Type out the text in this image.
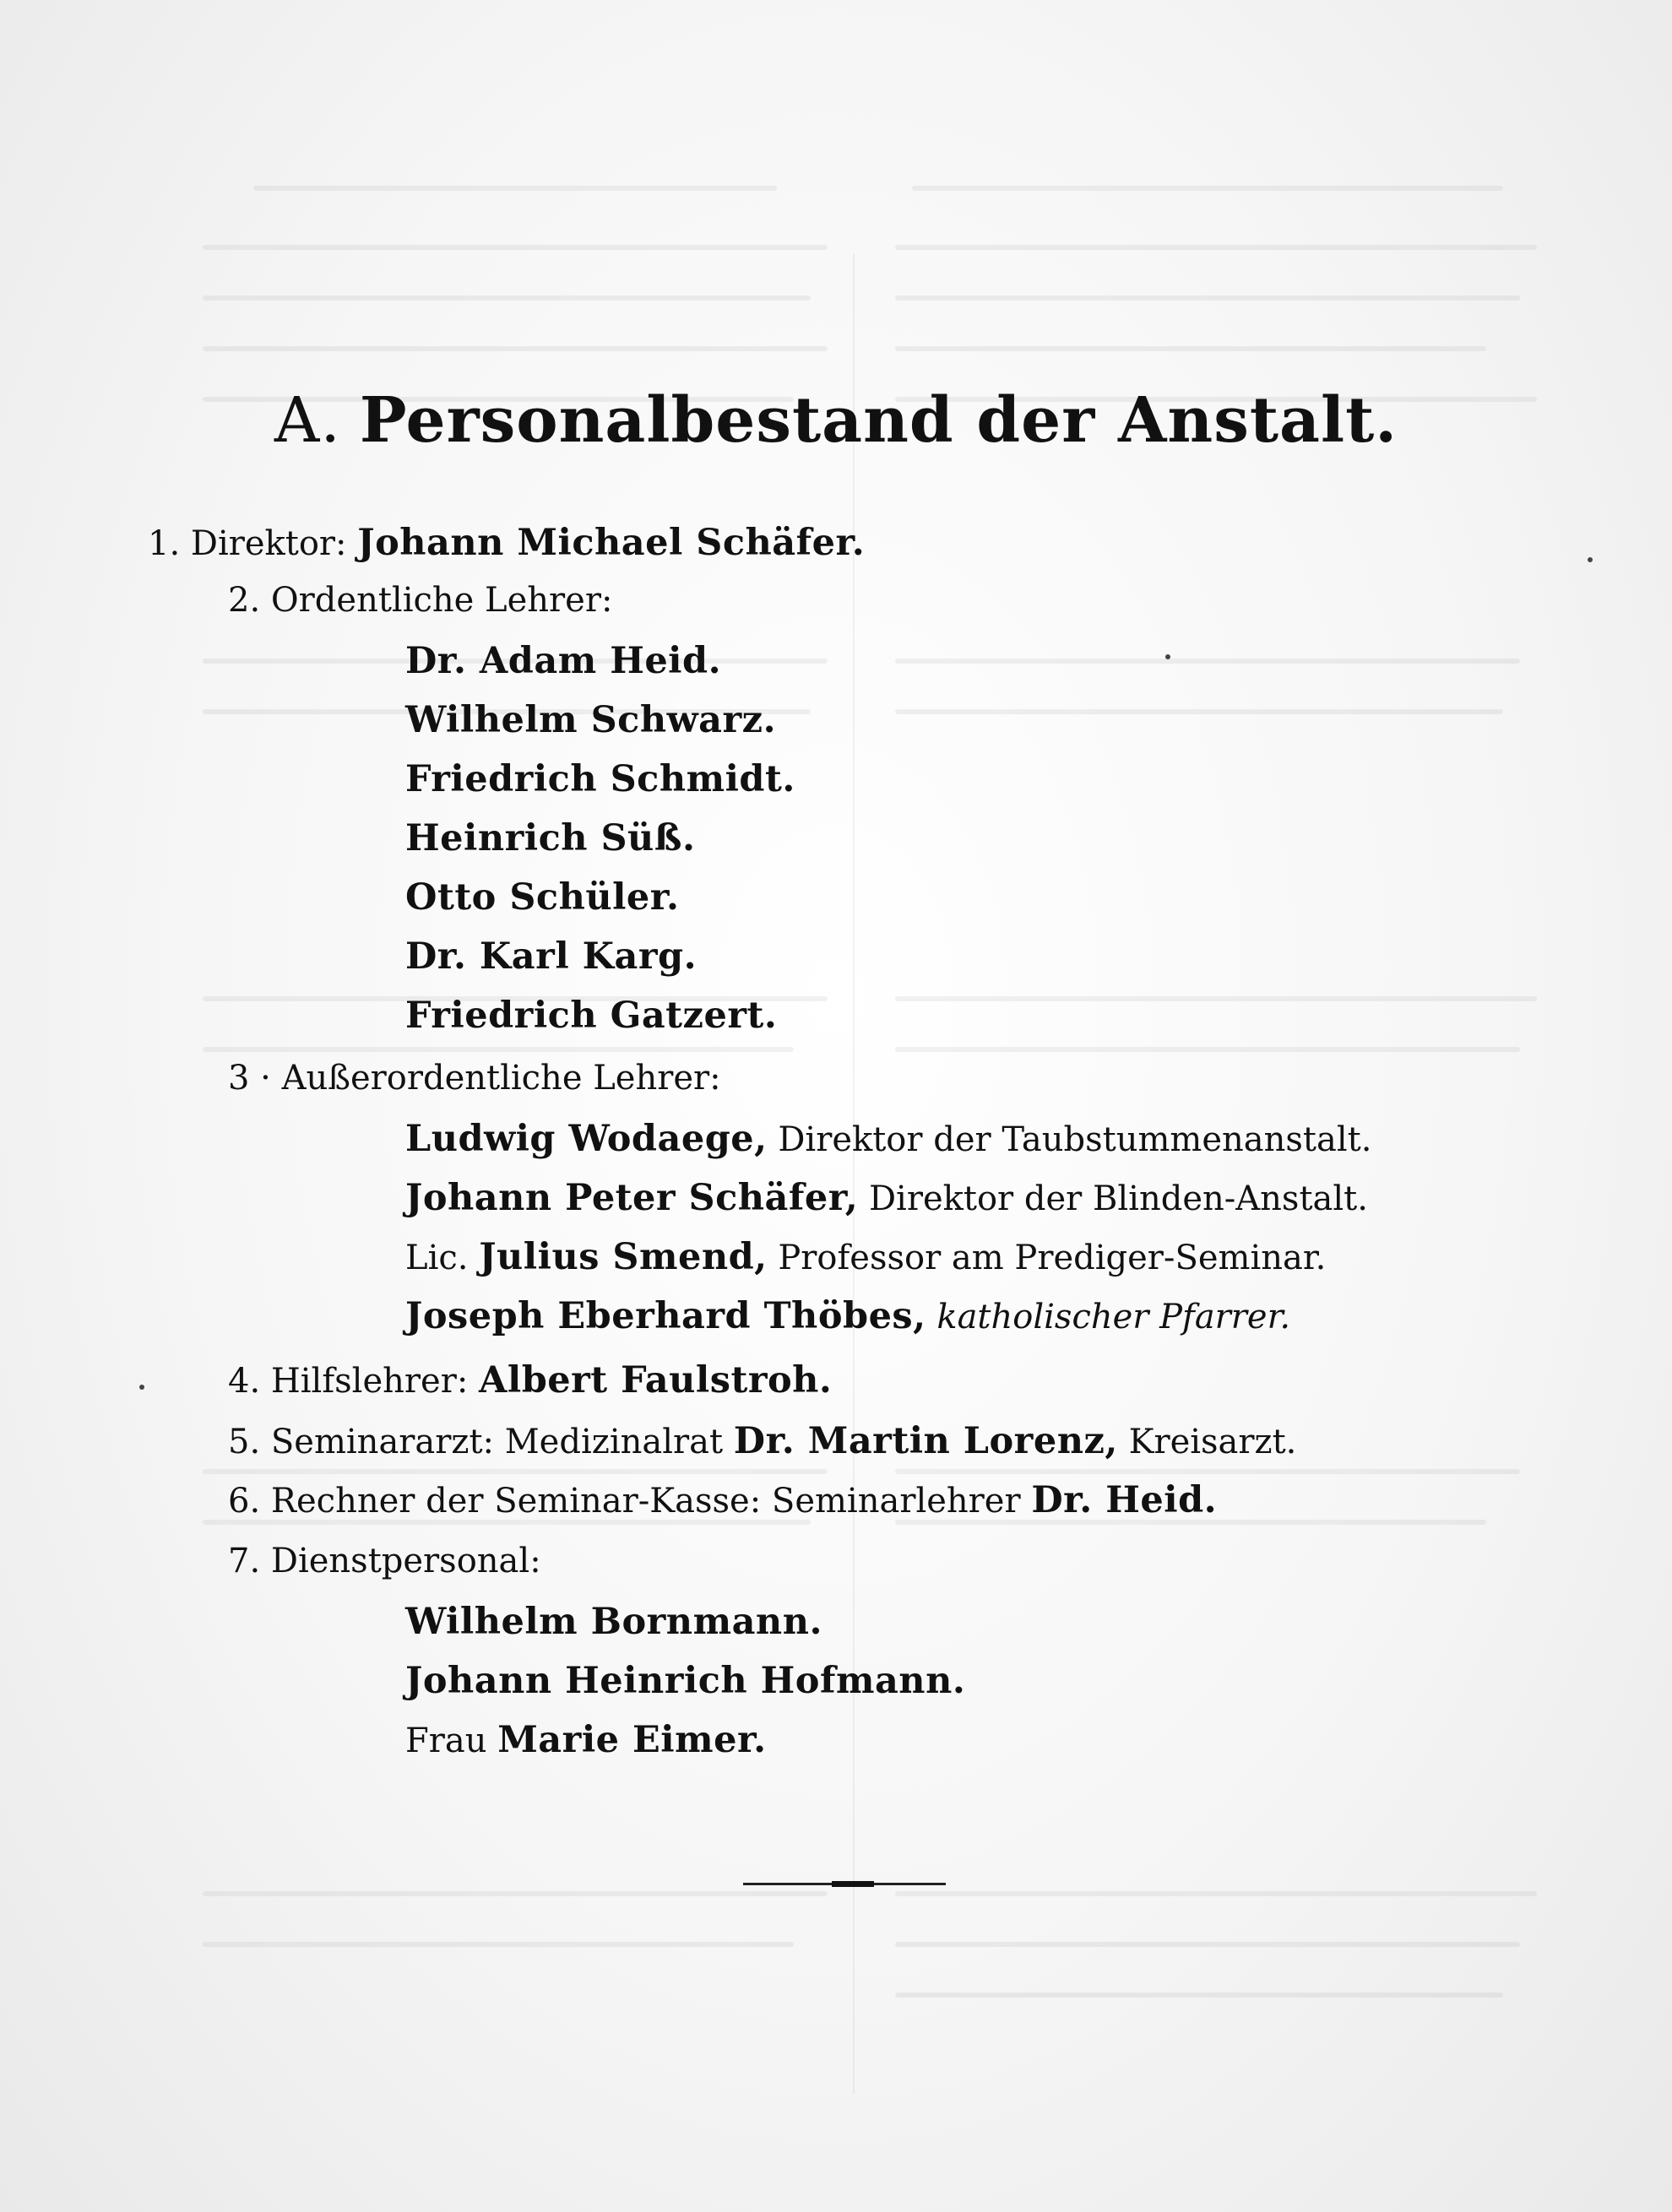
A. Personalbestand der Anstalt.
1. Direktor: Johann Michael Schäfer.
2. Ordentliche Lehrer:
Dr. Adam Heid.
Wilhelm Schwarz.
Friedrich Schmidt.
Heinrich Süß.
Otto Schüler.
Dr. Karl Karg.
Friedrich Gatzert.
3 · Außerordentliche Lehrer:
Ludwig Wodaege, Direktor der Taubstummenanstalt.
Johann Peter Schäfer, Direktor der Blinden-Anstalt.
Lic. Julius Smend, Professor am Prediger-Seminar.
Joseph Eberhard Thöbes, katholischer Pfarrer.
4. Hilfslehrer: Albert Faulstroh.
5. Seminararzt: Medizinalrat Dr. Martin Lorenz, Kreisarzt.
6. Rechner der Seminar-Kasse: Seminarlehrer Dr. Heid.
7. Dienstpersonal:
Wilhelm Bornmann.
Johann Heinrich Hofmann.
Frau Marie Eimer.
